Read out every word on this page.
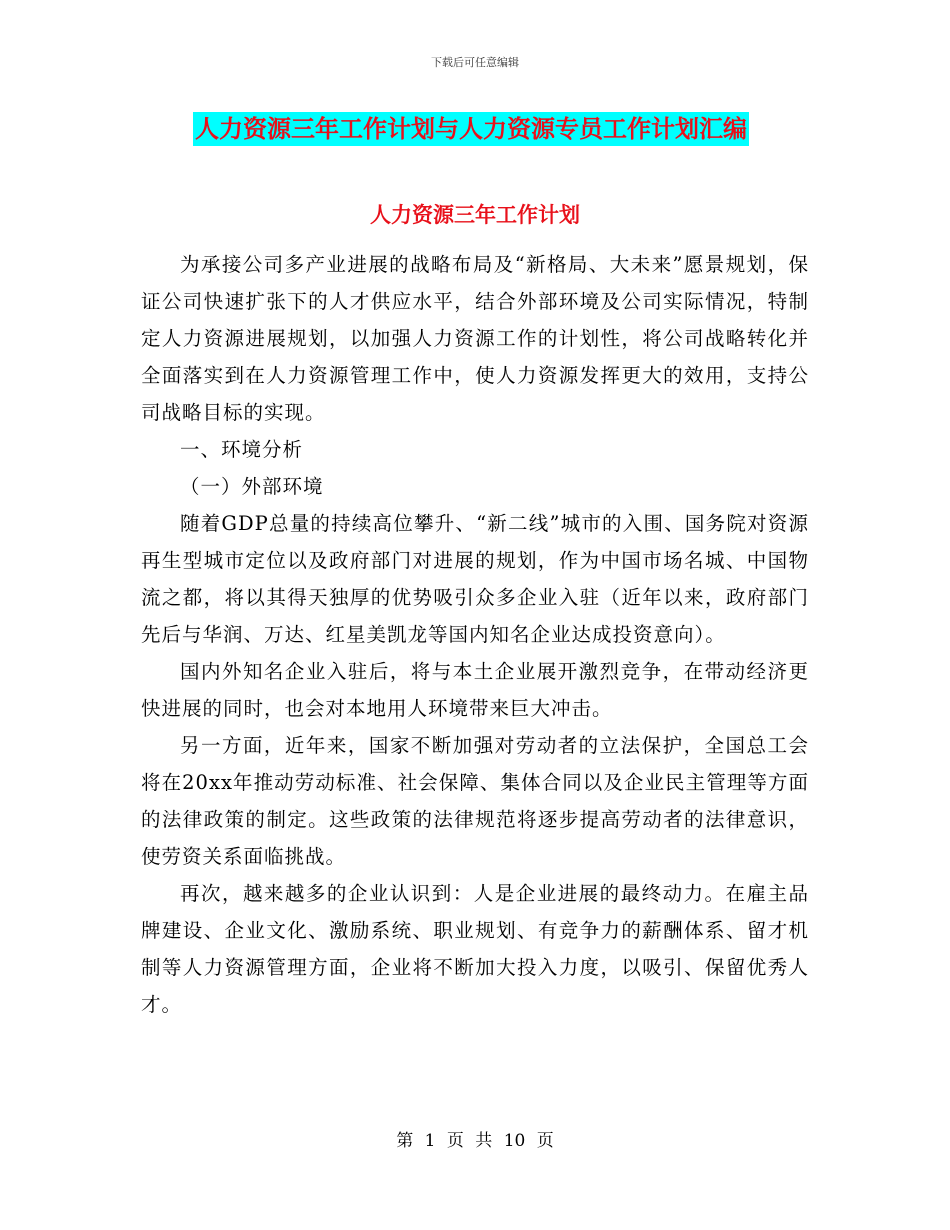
下载后可任意编辑
人力资源三年工作计划与人力资源专员工作计划汇编
人力资源三年工作计划

为承接公司多产业进展的战略布局及“新格局、大未来”愿景规划，保证公司快速扩张下的人才供应水平，结合外部环境及公司实际情况，特制定人力资源进展规划，以加强人力资源工作的计划性，将公司战略转化并全面落实到在人力资源管理工作中，使人力资源发挥更大的效用，支持公司战略目标的实现。

一、环境分析

（一）外部环境

随着GDP总量的持续高位攀升、“新二线”城市的入围、国务院对资源再生型城市定位以及政府部门对进展的规划，作为中国市场名城、中国物流之都，将以其得天独厚的优势吸引众多企业入驻（近年以来，政府部门先后与华润、万达、红星美凯龙等国内知名企业达成投资意向）。

国内外知名企业入驻后，将与本土企业展开激烈竞争，在带动经济更快进展的同时，也会对本地用人环境带来巨大冲击。

另一方面，近年来，国家不断加强对劳动者的立法保护，全国总工会将在20xx年推动劳动标准、社会保障、集体合同以及企业民主管理等方面的法律政策的制定。这些政策的法律规范将逐步提高劳动者的法律意识，使劳资关系面临挑战。

再次，越来越多的企业认识到：人是企业进展的最终动力。在雇主品牌建设、企业文化、激励系统、职业规划、有竞争力的薪酬体系、留才机制等人力资源管理方面，企业将不断加大投入力度，以吸引、保留优秀人才。

第 1 页 共 10 页
